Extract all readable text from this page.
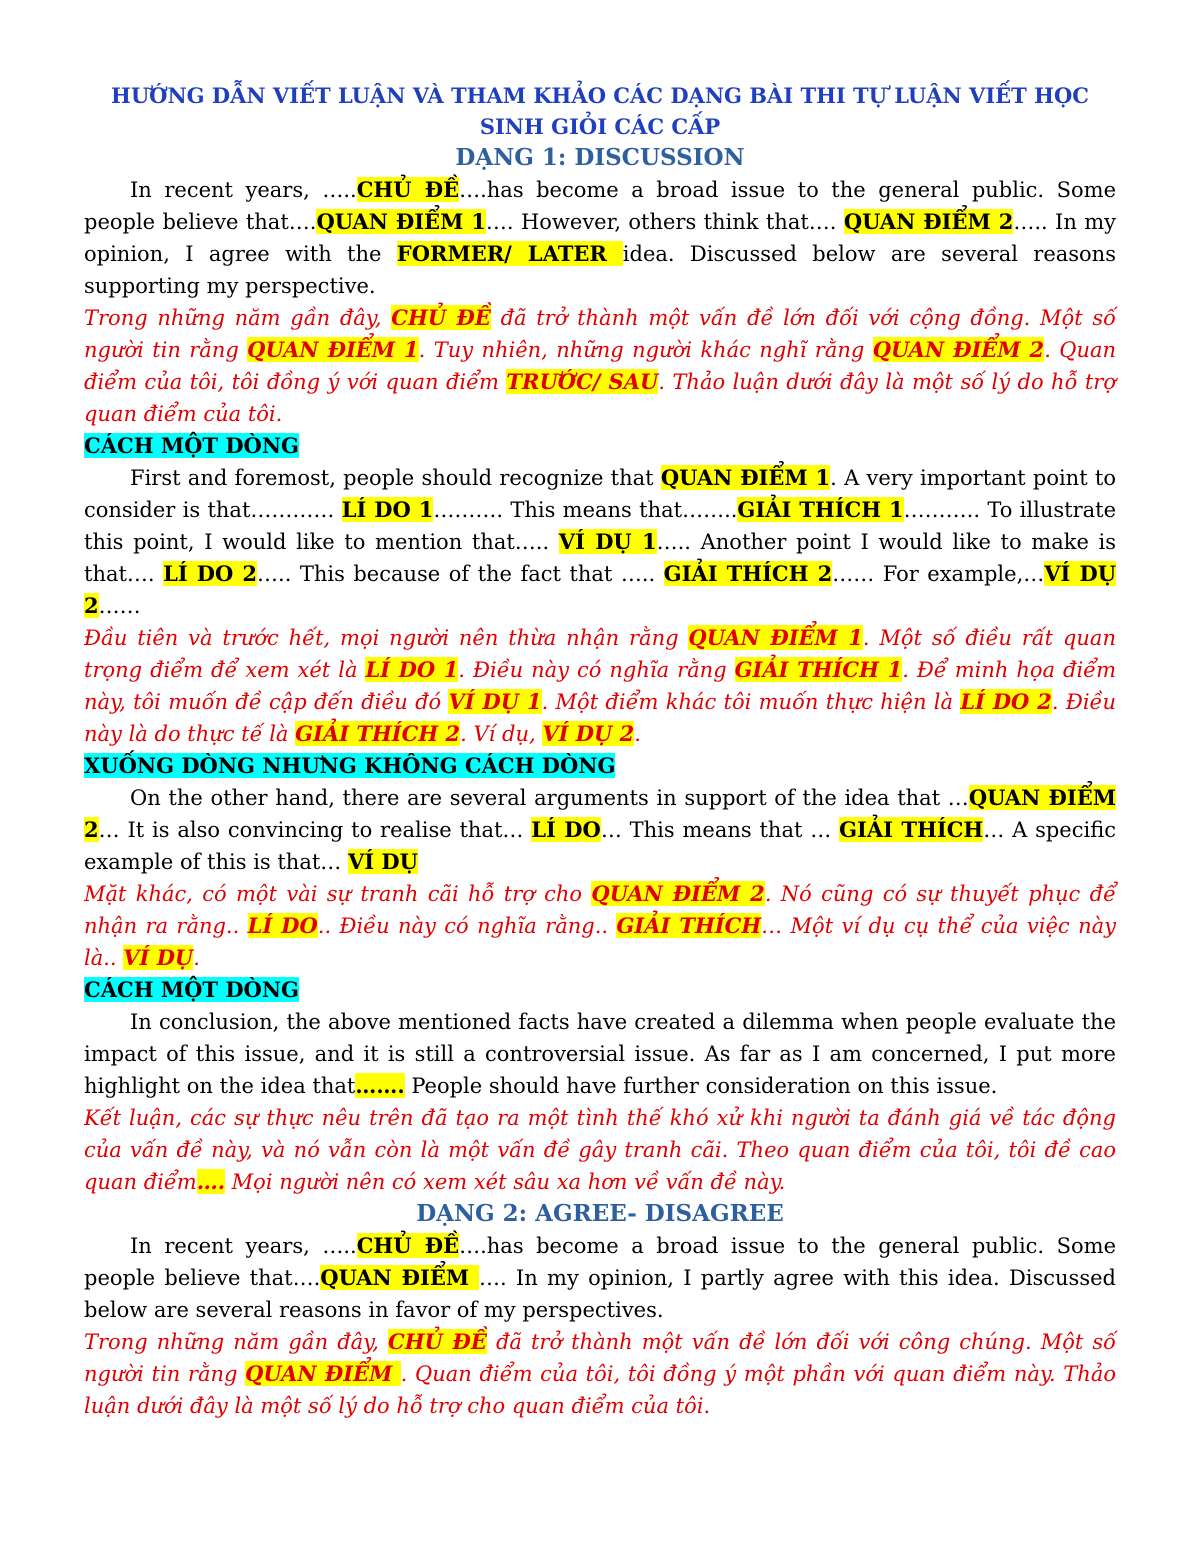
HƯỚNG DẪN VIẾT LUẬN VÀ THAM KHẢO CÁC DẠNG BÀI THI TỰ LUẬN VIẾT HỌC SINH GIỎI CÁC CẤP
DẠNG 1: DISCUSSION

In recent years, …..CHỦ ĐỀ….has become a broad issue to the general public. Some people believe that….QUAN ĐIỂM 1…. However, others think that…. QUAN ĐIỂM 2….. In my opinion, I agree with the FORMER/ LATER idea. Discussed below are several reasons supporting my perspective.

Trong những năm gần đây, CHỦ ĐỀ đã trở thành một vấn đề lớn đối với cộng đồng. Một số người tin rằng QUAN ĐIỂM 1. Tuy nhiên, những người khác nghĩ rằng QUAN ĐIỂM 2. Quan điểm của tôi, tôi đồng ý với quan điểm TRƯỚC/ SAU. Thảo luận dưới đây là một số lý do hỗ trợ quan điểm của tôi.

CÁCH MỘT DÒNG

First and foremost, people should recognize that QUAN ĐIỂM 1. A very important point to consider is that………… LÍ DO 1………. This means that……..GIẢI THÍCH 1……….. To illustrate this point, I would like to mention that….. VÍ DỤ 1….. Another point I would like to make is that…. LÍ DO 2….. This because of the fact that ….. GIẢI THÍCH 2…… For example,…VÍ DỤ 2……

Đầu tiên và trước hết, mọi người nên thừa nhận rằng QUAN ĐIỂM 1. Một số điều rất quan trọng điểm để xem xét là LÍ DO 1. Điều này có nghĩa rằng GIẢI THÍCH 1. Để minh họa điểm này, tôi muốn đề cập đến điều đó VÍ DỤ 1. Một điểm khác tôi muốn thực hiện là LÍ DO 2. Điều này là do thực tế là GIẢI THÍCH 2. Ví dụ, VÍ DỤ 2.

XUỐNG DÒNG NHƯNG KHÔNG CÁCH DÒNG

On the other hand, there are several arguments in support of the idea that …QUAN ĐIỂM 2… It is also convincing to realise that… LÍ DO… This means that … GIẢI THÍCH… A specific example of this is that… VÍ DỤ

Mặt khác, có một vài sự tranh cãi hỗ trợ cho QUAN ĐIỂM 2. Nó cũng có sự thuyết phục để nhận ra rằng.. LÍ DO.. Điều này có nghĩa rằng.. GIẢI THÍCH… Một ví dụ cụ thể của việc này là.. VÍ DỤ.

CÁCH MỘT DÒNG

In conclusion, the above mentioned facts have created a dilemma when people evaluate the impact of this issue, and it is still a controversial issue. As far as I am concerned, I put more highlight on the idea that……. People should have further consideration on this issue.

Kết luận, các sự thực nêu trên đã tạo ra một tình thế khó xử khi người ta đánh giá về tác động của vấn đề này, và nó vẫn còn là một vấn đề gây tranh cãi. Theo quan điểm của tôi, tôi đề cao quan điểm…. Mọi người nên có xem xét sâu xa hơn về vấn đề này.

DẠNG 2: AGREE- DISAGREE

In recent years, …..CHỦ ĐỀ….has become a broad issue to the general public. Some people believe that….QUAN ĐIỂM …. In my opinion, I partly agree with this idea. Discussed below are several reasons in favor of my perspectives.

Trong những năm gần đây, CHỦ ĐỀ đã trở thành một vấn đề lớn đối với công chúng. Một số người tin rằng QUAN ĐIỂM . Quan điểm của tôi, tôi đồng ý một phần với quan điểm này. Thảo luận dưới đây là một số lý do hỗ trợ cho quan điểm của tôi.
